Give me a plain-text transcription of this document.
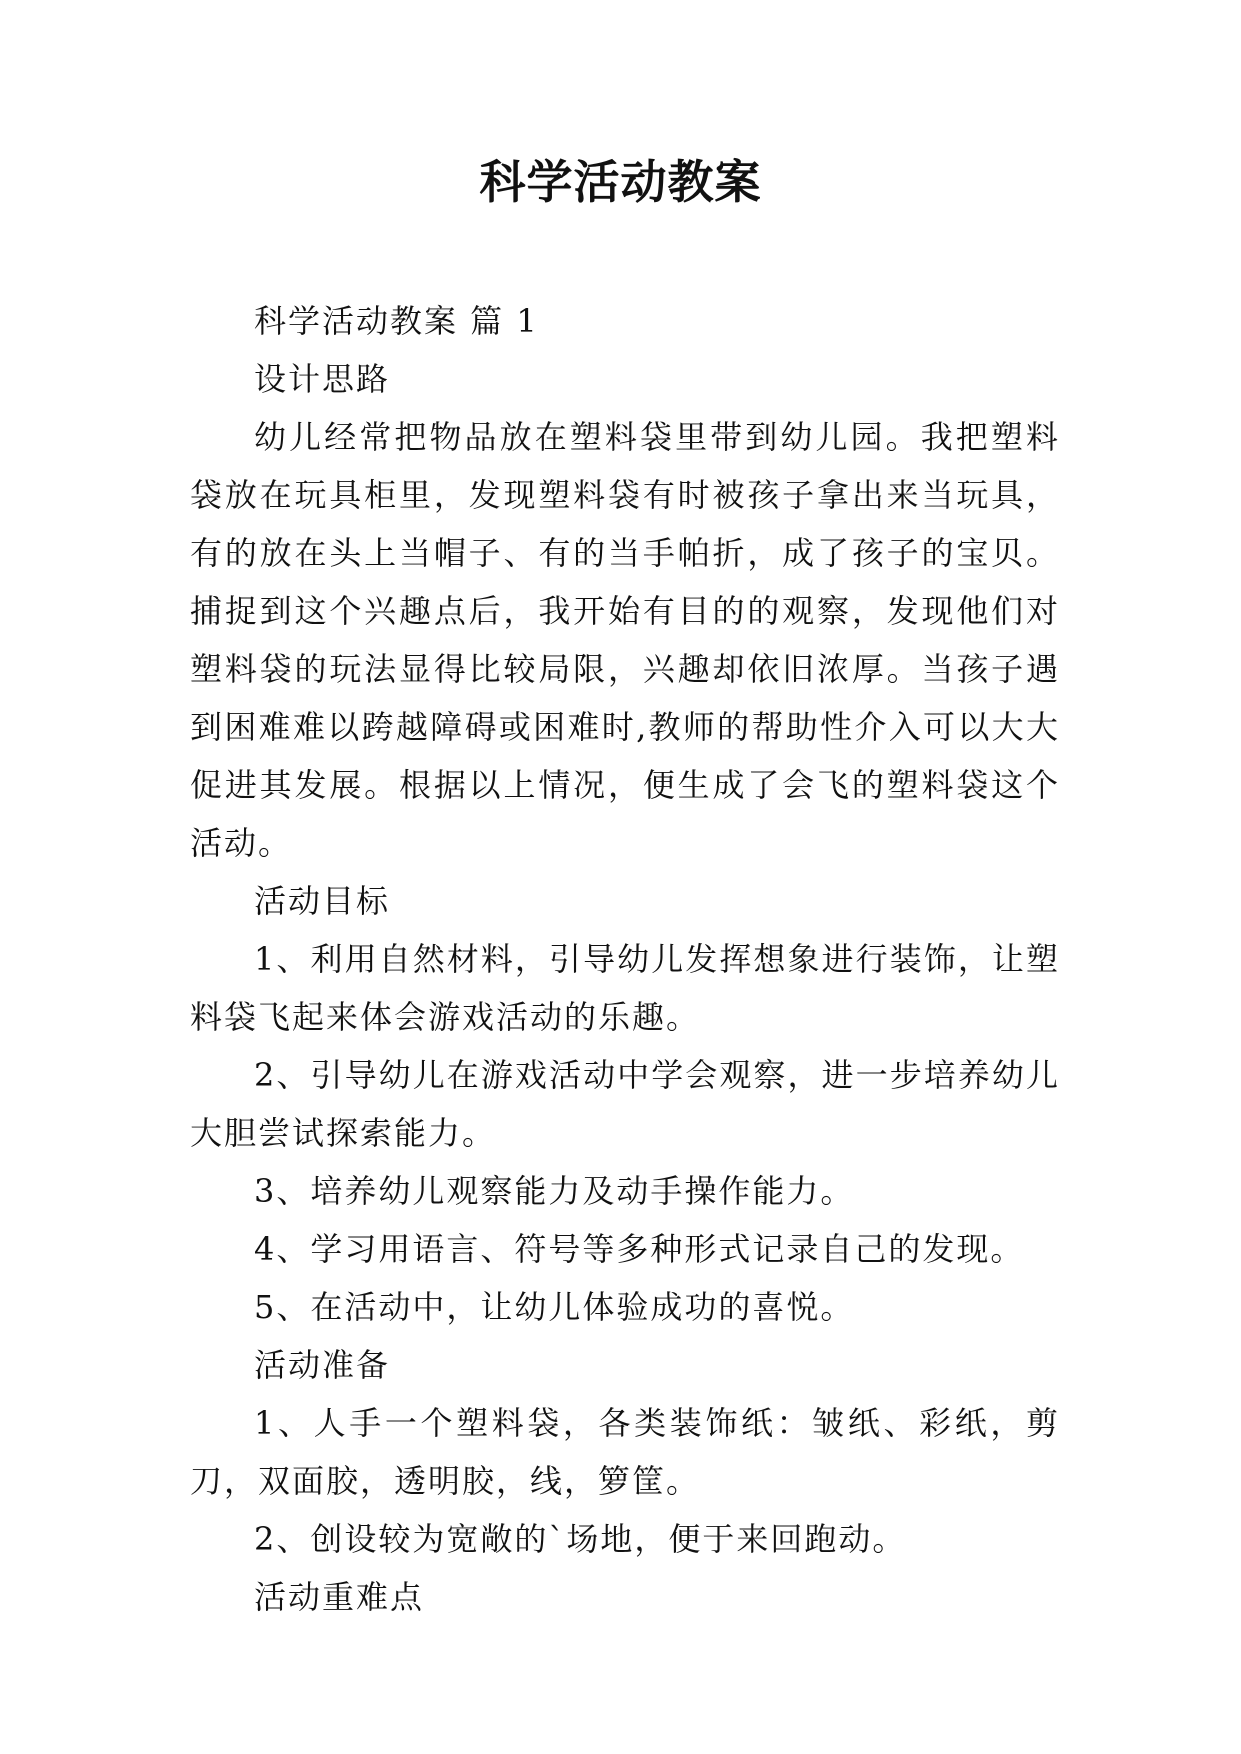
科学活动教案

科学活动教案 篇 1

设计思路

幼儿经常把物品放在塑料袋里带到幼儿园。我把塑料袋放在玩具柜里，发现塑料袋有时被孩子拿出来当玩具，有的放在头上当帽子、有的当手帕折，成了孩子的宝贝。捕捉到这个兴趣点后，我开始有目的的观察，发现他们对塑料袋的玩法显得比较局限，兴趣却依旧浓厚。当孩子遇到困难难以跨越障碍或困难时,教师的帮助性介入可以大大促进其发展。根据以上情况，便生成了会飞的塑料袋这个活动。

活动目标

1、利用自然材料，引导幼儿发挥想象进行装饰，让塑料袋飞起来体会游戏活动的乐趣。

2、引导幼儿在游戏活动中学会观察，进一步培养幼儿大胆尝试探索能力。

3、培养幼儿观察能力及动手操作能力。

4、学习用语言、符号等多种形式记录自己的发现。

5、在活动中，让幼儿体验成功的喜悦。

活动准备

1、人手一个塑料袋，各类装饰纸：皱纸、彩纸，剪刀，双面胶，透明胶，线，箩筐。

2、创设较为宽敞的`场地，便于来回跑动。

活动重难点
